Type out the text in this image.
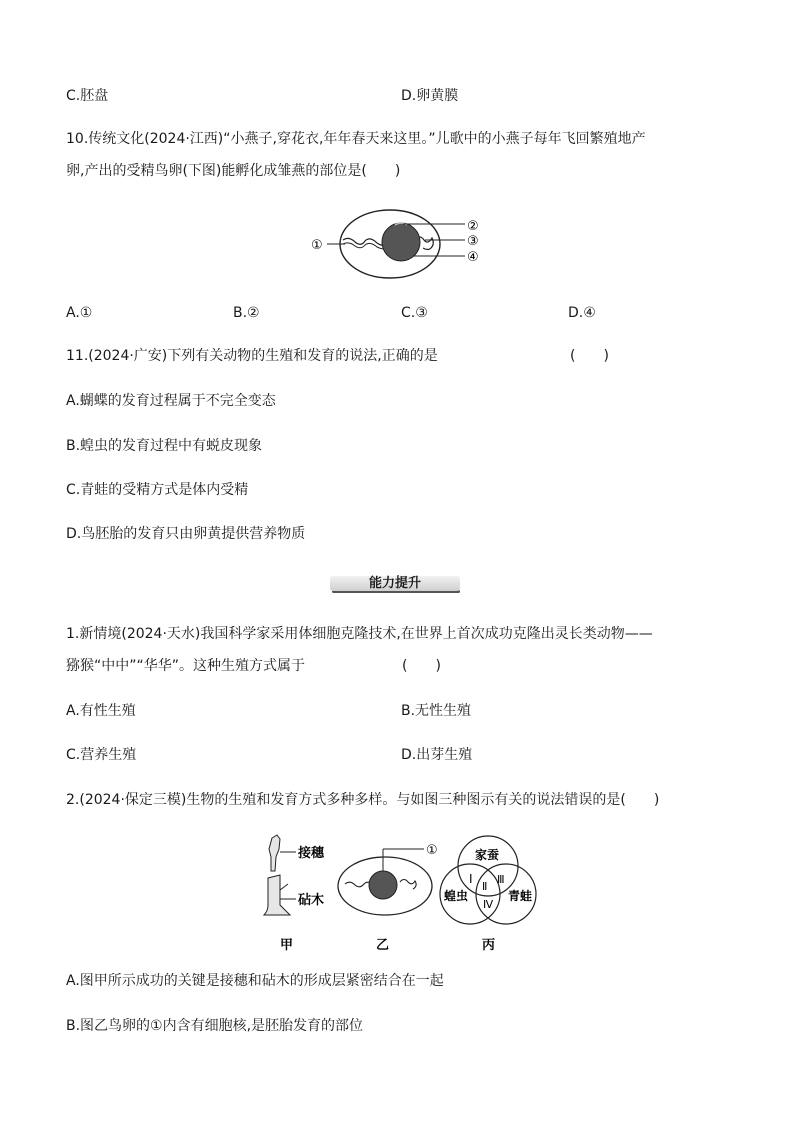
C.胚盘	D.卵黄膜
10.传统文化(2024·江西)“小燕子,穿花衣,年年春天来这里。”儿歌中的小燕子每年飞回繁殖地产
卵,产出的受精鸟卵(下图)能孵化成雏燕的部位是(　　)
①
②
③
④
A.①	B.②	C.③	D.④
11.(2024·广安)下列有关动物的生殖和发育的说法,正确的是	(　　)
A.蝴蝶的发育过程属于不完全变态
B.蝗虫的发育过程中有蜕皮现象
C.青蛙的受精方式是体内受精
D.鸟胚胎的发育只由卵黄提供营养物质
能力提升
1.新情境(2024·天水)我国科学家采用体细胞克隆技术,在世界上首次成功克隆出灵长类动物——
猕猴“中中”“华华”。这种生殖方式属于	(　　)
A.有性生殖	B.无性生殖
C.营养生殖	D.出芽生殖
2.(2024·保定三模)生物的生殖和发育方式多种多样。与如图三种图示有关的说法错误的是(　　)
接穗
砧木
甲
①
乙
家蚕
蝗虫	青蛙
Ⅰ
Ⅱ
Ⅲ
Ⅳ
丙
A.图甲所示成功的关键是接穗和砧木的形成层紧密结合在一起
B.图乙鸟卵的①内含有细胞核,是胚胎发育的部位
